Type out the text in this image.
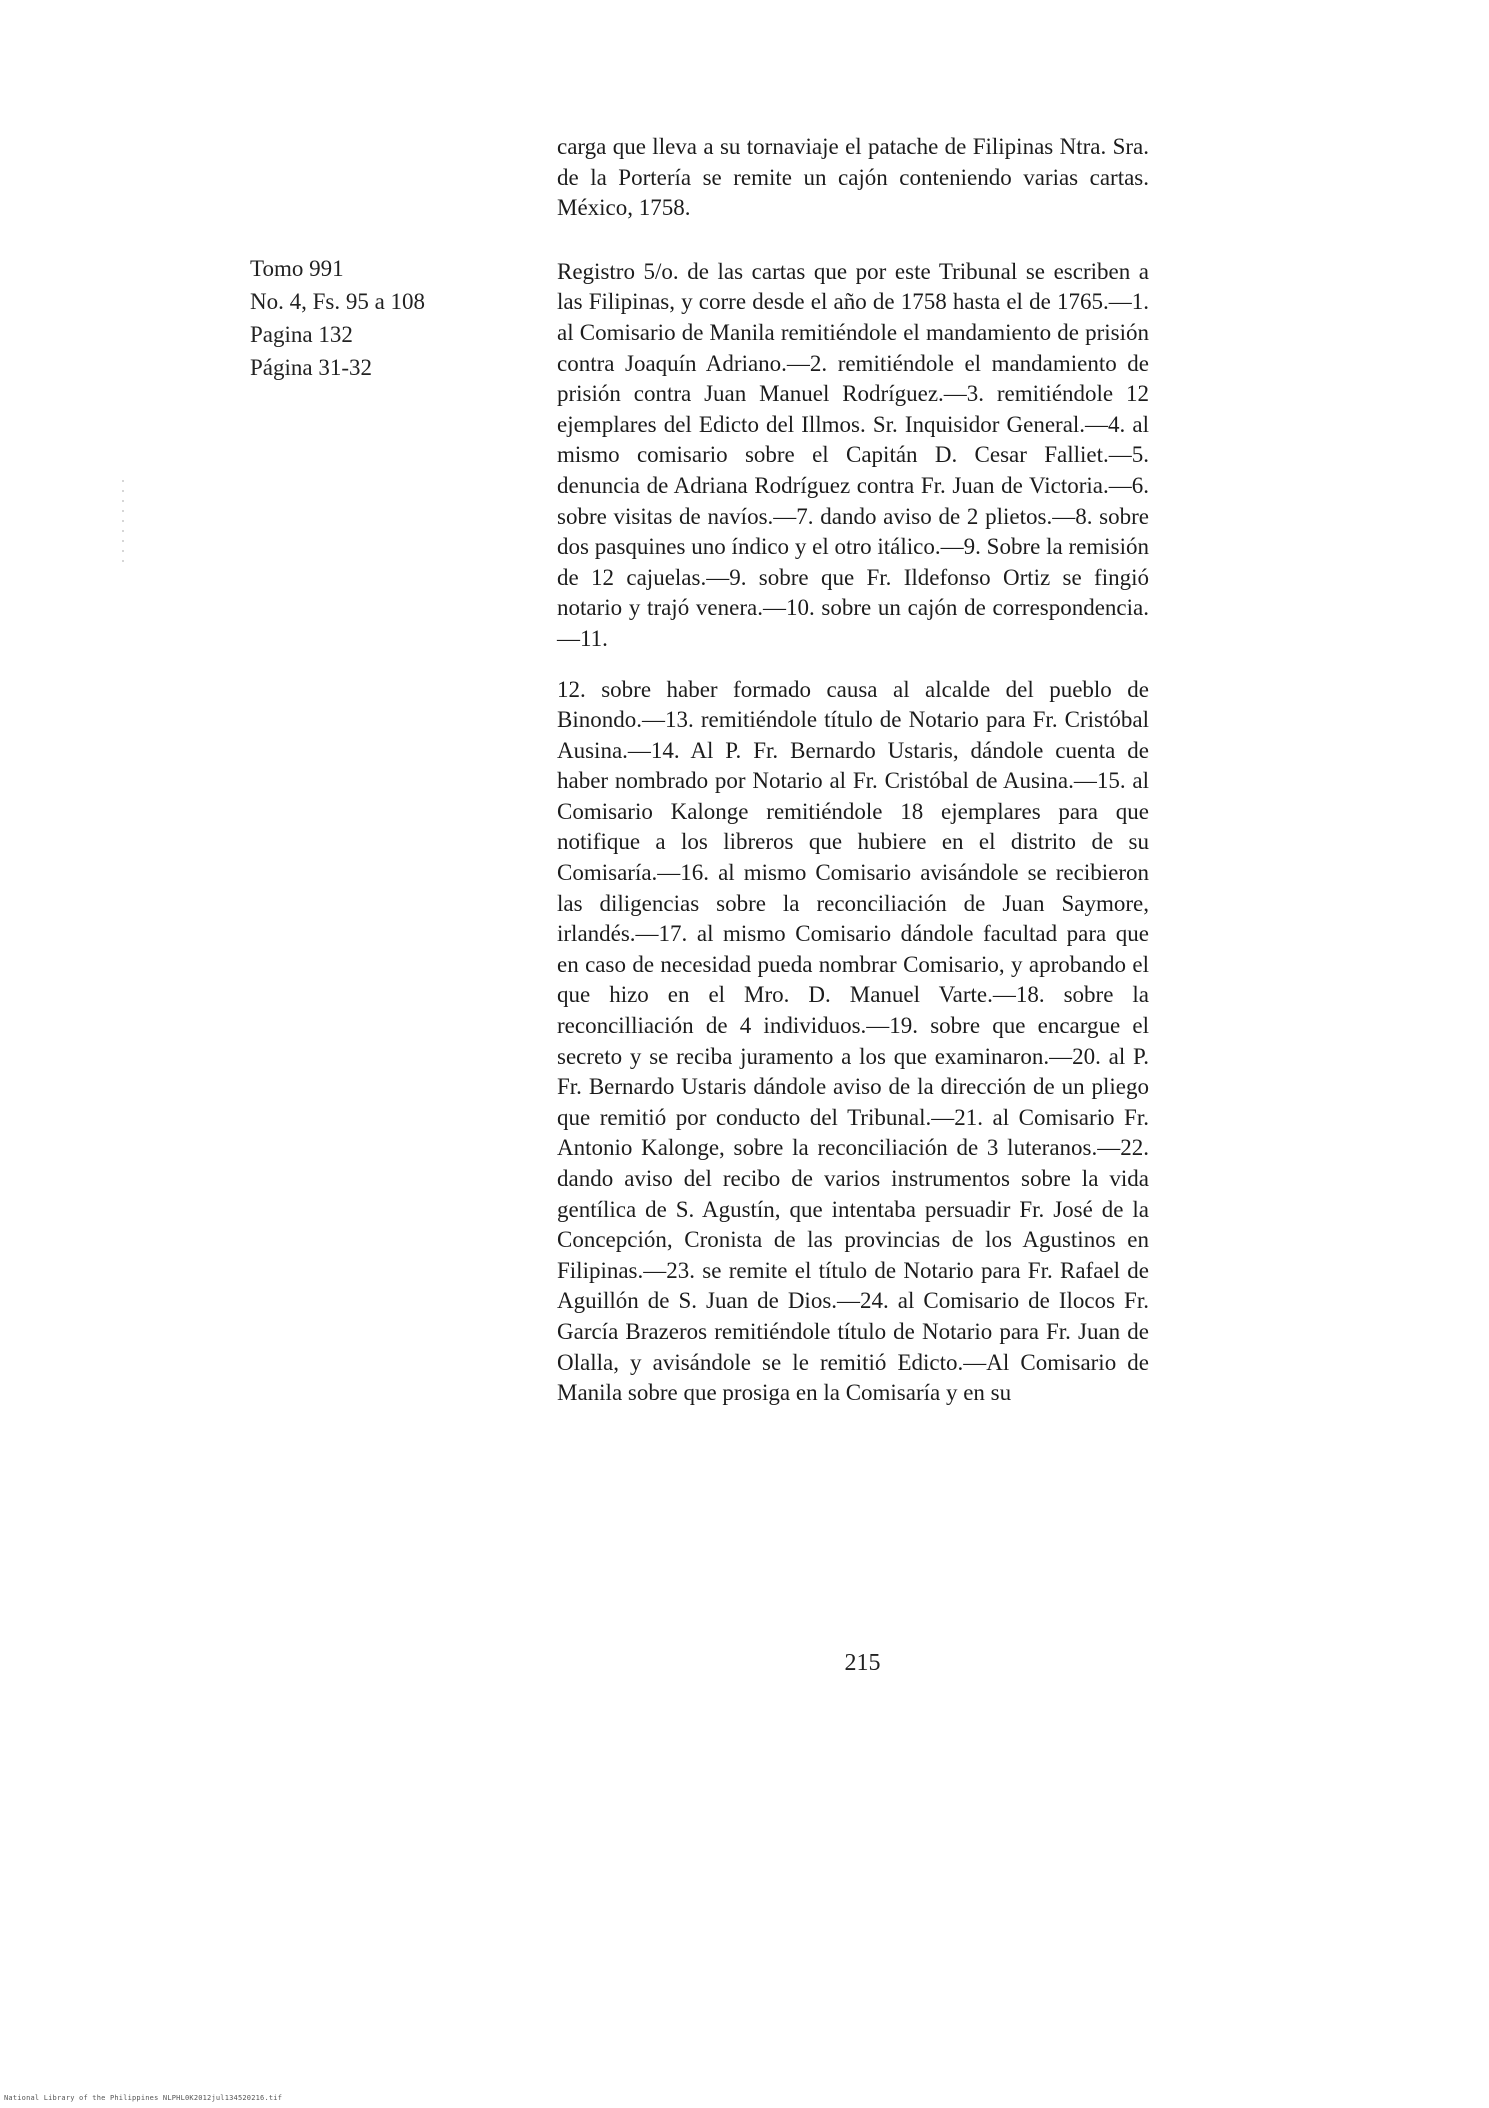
Tomo 991
No. 4, Fs. 95 a 108
Pagina 132
Página 31-32

carga que lleva a su tornaviaje el patache de Filipinas Ntra. Sra. de la Portería se remite un cajón conteniendo varias cartas. México, 1758.

Registro 5/o. de las cartas que por este Tribunal se escriben a las Filipinas, y corre desde el año de 1758 hasta el de 1765.—1. al Comisario de Manila remitiéndole el mandamiento de prisión contra Joaquín Adriano.—2. remitiéndole el mandamiento de prisión contra Juan Manuel Rodríguez.—3. remitiéndole 12 ejemplares del Edicto del Illmos. Sr. Inquisidor General.—4. al mismo comisario sobre el Capitán D. Cesar Falliet.—5. denuncia de Adriana Rodríguez contra Fr. Juan de Victoria.—6. sobre visitas de navíos.—7. dando aviso de 2 plietos.—8. sobre dos pasquines uno índico y el otro itálico.—9. Sobre la remisión de 12 cajuelas.—9. sobre que Fr. Ildefonso Ortiz se fingió notario y trajó venera.—10. sobre un cajón de correspondencia.—11.

12. sobre haber formado causa al alcalde del pueblo de Binondo.—13. remitiéndole título de Notario para Fr. Cristóbal Ausina.—14. Al P. Fr. Bernardo Ustaris, dándole cuenta de haber nombrado por Notario al Fr. Cristóbal de Ausina.—15. al Comisario Kalonge remitiéndole 18 ejemplares para que notifique a los libreros que hubiere en el distrito de su Comisaría.—16. al mismo Comisario avisándole se recibieron las diligencias sobre la reconciliación de Juan Saymore, irlandés.—17. al mismo Comisario dándole facultad para que en caso de necesidad pueda nombrar Comisario, y aprobando el que hizo en el Mro. D. Manuel Varte.—18. sobre la reconcilliación de 4 individuos.—19. sobre que encargue el secreto y se reciba juramento a los que examinaron.—20. al P. Fr. Bernardo Ustaris dándole aviso de la dirección de un pliego que remitió por conducto del Tribunal.—21. al Comisario Fr. Antonio Kalonge, sobre la reconciliación de 3 luteranos.—22. dando aviso del recibo de varios instrumentos sobre la vida gentílica de S. Agustín, que intentaba persuadir Fr. José de la Concepción, Cronista de las provincias de los Agustinos en Filipinas.—23. se remite el título de Notario para Fr. Rafael de Aguillón de S. Juan de Dios.—24. al Comisario de Ilocos Fr. García Brazeros remitiéndole título de Notario para Fr. Juan de Olalla, y avisándole se le remitió Edicto.—Al Comisario de Manila sobre que prosiga en la Comisaría y en su

215
National Library of the Philippines NLPHL0K2012jul134520216.tif
